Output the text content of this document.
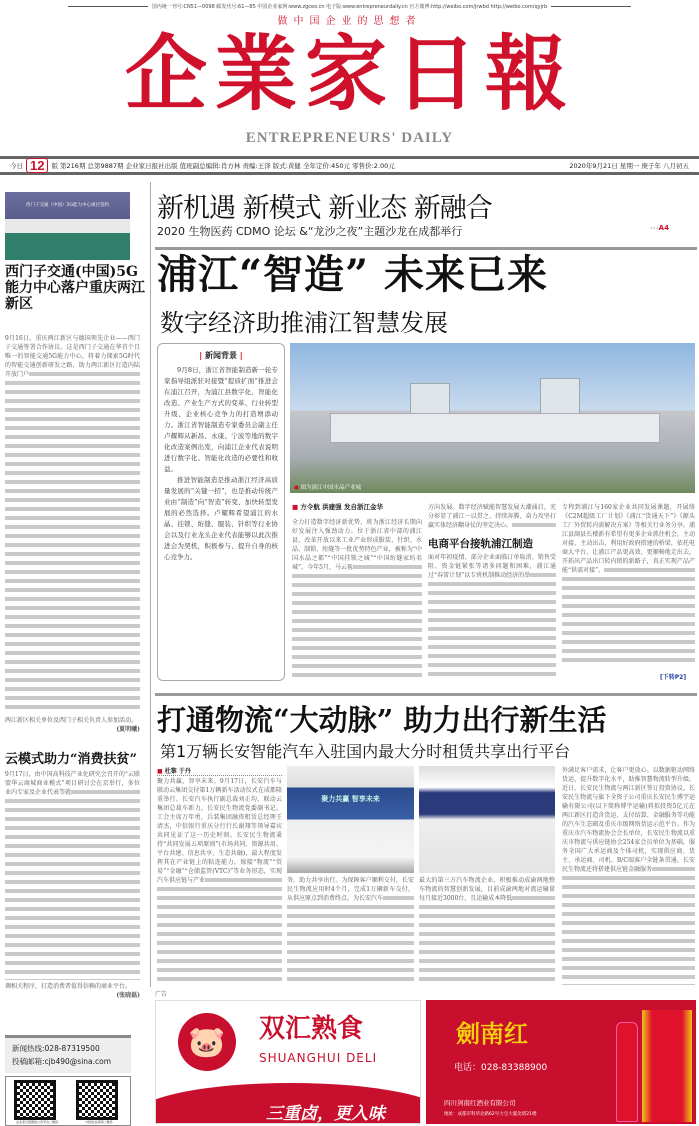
国内统一刊号:CN51—0098 邮发代号:61—85 中国企业家网:www.zgceo.cn 电子版:www.entrepreneurdaily.cn 官方微博:http://weibo.com/jrwbd http://weibo.com/qyjrb
做中国企业的思想者
企業家日報
ENTREPRENEURS' DAILY
今日 12	版 第216期 总第9887期 企业家日报社出版 值班副总编辑:肖方林 责编:王泽 版式:黄健 全年定价:450元 零售价:2.00元	2020年9月21日 星期一 庚子年 八月初五
西门子交通（中国）5G能力中心项目签约
西门子交通(中国)5G能力中心落户重庆两江新区
9月16日，重庆两江新区与德国领先企业——西门子交通签署合作协议。这是西门子交通在华首个且唯一的智能交通5G能力中心，将着力探索5G时代的智能交通创新研发之路，助力两江新区打造内陆开放门户
两江新区相关单位及西门子相关负责人参加活动。
(夏明曦)
云模式助力“消费扶贫”
9月17日，由中国高科技产业化研究会召开的“云联盟华云商城商业模式”项目研讨会在京举行，多位业内专家及企业代表等就
调相关程序，打造消费者值得信赖的商业平台。
(张晓磊)
新闻热线:028-87319500
投稿邮箱:cjb490@sina.com
企业家日报微信公众平台二维码	中国企业家网二维码
新机遇 新模式 新业态 新融合
2020 生物医药 CDMO 论坛 &“龙沙之夜”主题沙龙在成都举行	‹‹‹A4
浦江“智造” 未来已来
数字经济助推浦江智慧发展
| 新闻背景 |
9月8日，浙江省智能制造新一轮专家指导组派驻对接暨“提质扩面”推进会在浦江召开，为浦江县数字化、智能化改造、产业生产方式的变革、行业转型升级、企业核心竞争力的打造增添动力。浙江省智能制造专家委员会副主任卢耀辉从新昌、永康、宁波等地的数字化改造案例出发，向浦江企业代表说明进行数字化、智能化改造的必要性和收益。
推进智能制造是推动浙江经济高质量发展的“关键一招”，也是推动传统产业由“制造”向“智造”转变、加快转型发展的必然选择。卢耀辉希望浦江的水晶、挂锁、绗缝、服装、针织等行业协会以及行业龙头企业代表能够以此次推进会为契机，积极参与、提升自身的核心竞争力。
● 图为浙江中国水晶产业城
■ 方令航 洪建强 发自浙江金华
全力打造数字经济新优势，将为浙江经济长期向好发展注入强劲动力。位于浙江省中部的浦江县，改革开放以来工业产业形成服装、针织、水晶、制锁、绗缝等一批优势特色产业，被称为“中国水晶之都”“中国挂锁之城”“中国绗缝家纺名城”。今年5月，马云视
方向发展。数字经济赋能智慧发展大潮涌启，充分彰显了浦江一以贯之、持续奔腾、奋力攻坚打赢实体经济翻身仗的坚定决心。
电商平台接轨浦江制造
面对年初疫情，部分企业面临订单取消、销售受阻、资金链紧张等诸多问题和困难，浦江通过“春雷计划”以专班机制推动经济的举
专程到浦江与160家企业共同发展课题，开展络《C2M超级工厂计划》《浦江“货通天下”》《源头工厂外贸转内需解决方案》等相关行业务分享。浦江县副县长楼新有希望有更多企业抓住机会，主动对接，主动出击，利用好政府搭建的桥梁，依托电商大平台，让浦江产品更高效、更顺畅地走出去，开拓出产品出口转内销的新路子，真正实现产品产能“供需对接”。
[下转P2]
打通物流“大动脉” 助力出行新生活
第1万辆长安智能汽车入驻国内最大分时租赁共享出行平台
■ 杜黎 于丹
聚力共赢，智享未来。9月17日，长安汽车与联动云集团交付第1万辆新车活动仪式在成都隆重举行。长安汽车执行副总裁刘正均，联动云集团总裁车新力，长安民生物流党委副书记、工会主席万年勇，兵装集团融资租赁总经理王清杰，中信银行重庆分行行长谢翔等领导嘉宾共同见证了这一历史时刻。长安民生物流秉持“共同发展五项原则”(市场共同、资源共用、平台共建、信息共享、生态共融)，最大程度发挥其在产业链上的粘连能力，嫁接“物流”“贸易”“金融”“仓储监管(VTC)”等业务形态，实现汽车供应链与产业
聚力共赢 智享未来
务，助力共享出行。为保障客户顺利交付，长安民生物流应用时4个月，完成1万辆新车交付，从供应原点到消费终点，为长安汽车
最大的第三方汽车物流企业，积极推动成渝两地整车物流的智慧创新发展，目前成渝两地对流运输量每月接近3000台，且运输成本降低
外满足客户需求，让客户更放心。以数据驱动网络货运，提升数字化水平，助推智慧物流转型升级。近日，长安民生物流与两江新区签订投资协议，长安民生物流与旗下全资子公司重庆长安民生博宇运输有限公司(以下简称博宇运输)将拟投资5亿元在两江新区打造含货运、支付结算、金融服务等功能的汽车生态圈及重庆市级网络货运示范平台。作为重庆市汽车物流协会会长单位，长安民生物流以重庆市物流与供应链协会254家会员单位为基础，服务全国广大承运商及个体司机，实现供应商、货主、承运商、司机、B/C端客户全链条贯通。长安民生物流还将搭建供应链金融服务
广告
🐷	双汇熟食
SHUANGHUI DELI
三重卤，更入味
劍南红
电话：028-83388900
四川剑南红酒业有限公司
地址：成都市科华北路62号力宝大厦北塔21楼
